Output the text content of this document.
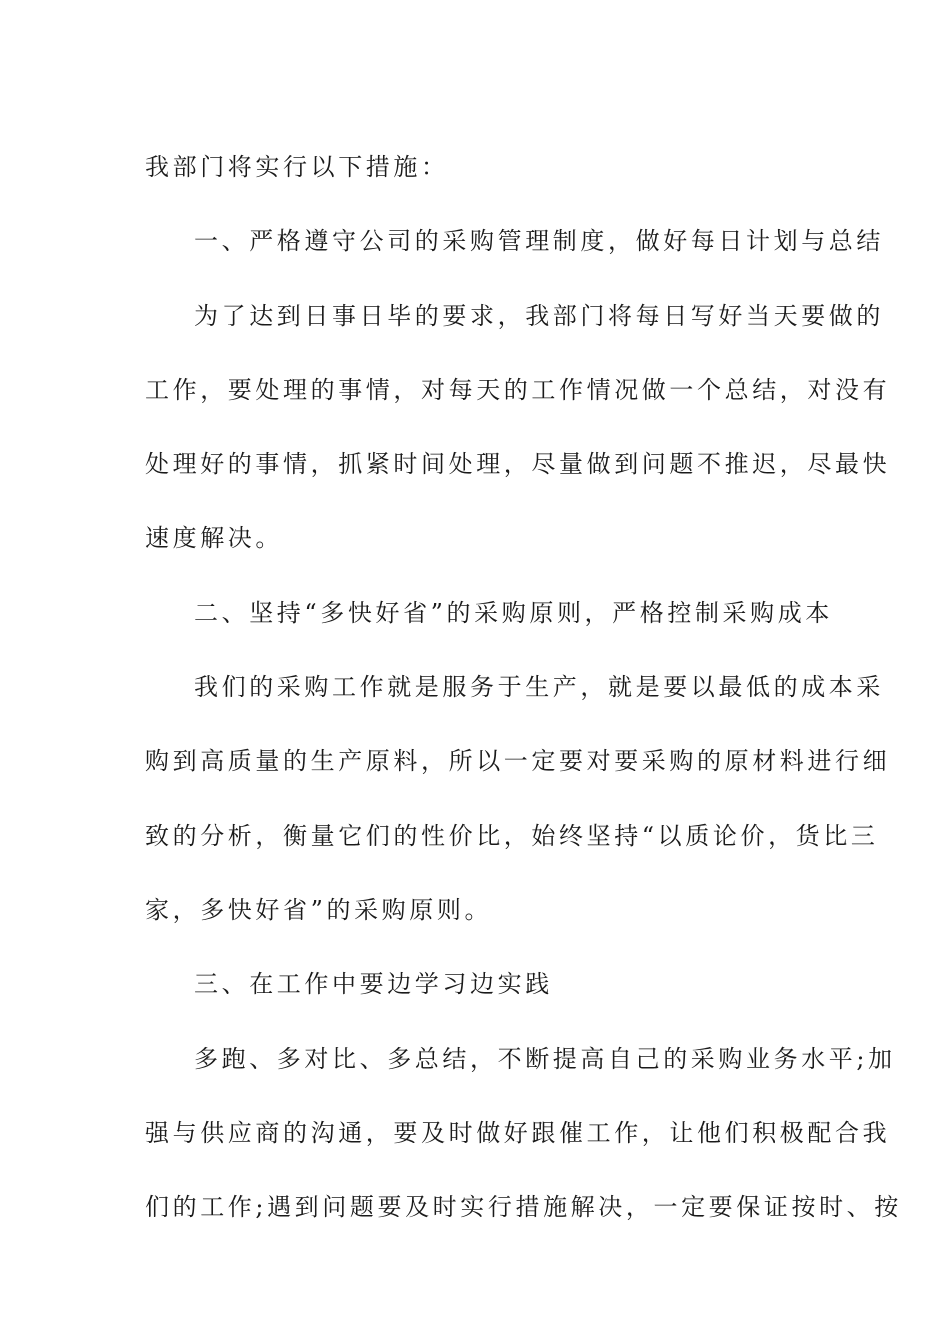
我部门将实行以下措施：
一、严格遵守公司的采购管理制度，做好每日计划与总结
为了达到日事日毕的要求，我部门将每日写好当天要做的
工作，要处理的事情，对每天的工作情况做一个总结，对没有
处理好的事情，抓紧时间处理，尽量做到问题不推迟，尽最快
速度解决。
二、坚持“多快好省”的采购原则，严格控制采购成本
我们的采购工作就是服务于生产，就是要以最低的成本采
购到高质量的生产原料，所以一定要对要采购的原材料进行细
致的分析，衡量它们的性价比，始终坚持“以质论价，货比三
家，多快好省”的采购原则。
三、在工作中要边学习边实践
多跑、多对比、多总结，不断提高自己的采购业务水平;加
强与供应商的沟通，要及时做好跟催工作，让他们积极配合我
们的工作;遇到问题要及时实行措施解决，一定要保证按时、按
